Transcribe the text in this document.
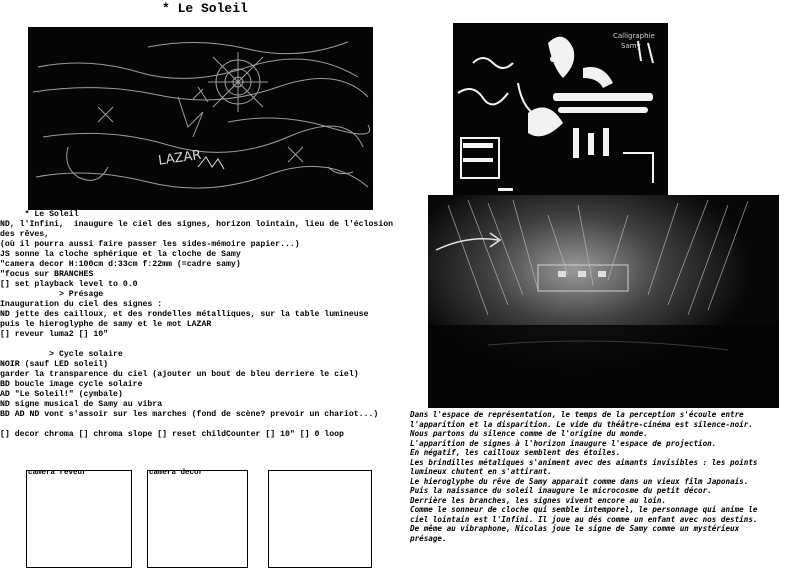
* Le Soleil
LAZAR
Calligraphie
Samy
* Le Soleil
ND, l'Infini,  inaugure le ciel des signes, horizon lointain, lieu de l'éclosion
des rêves,
(où il pourra aussi faire passer les sides-mémoire papier...)
JS sonne la cloche sphérique et la cloche de Samy
"camera decor H:100cm d:33cm f:22mm (=cadre samy)
"focus sur BRANCHES
[] set playback level to 0.0
> Présage
Inauguration du ciel des signes :
ND jette des cailloux, et des rondelles métalliques, sur la table lumineuse
puis le hieroglyphe de samy et le mot LAZAR
[] reveur luma2 [] 10"
> Cycle solaire
NOIR (sauf LED soleil)
garder la transparence du ciel (ajouter un bout de bleu derriere le ciel)
BD boucle image cycle solaire
AD "Le Soleil!" (cymbale)
ND signe musical de Samy au vibra
BD AD ND vont s'assoir sur les marches (fond de scène? prevoir un chariot...)
[] decor chroma [] chroma slope [] reset childCounter [] 10" [] 0 loop
Dans l'espace de représentation, le temps de la perception s'écoule entre
l'apparition et la disparition. Le vide du théâtre-cinéma est silence-noir.
Nous partons du silence comme de l'origine du monde.
L'apparition de signes à l'horizon inaugure l'espace de projection.
En négatif, les cailloux semblent des étoiles.
Les brindilles métaliques s'animent avec des aimants invisibles : les points
lumineux chutent en s'attirant.
Le hieroglyphe du rêve de Samy apparait comme dans un vieux film Japonais.
Puis la naissance du soleil inaugure le microcosme du petit décor.
Derrière les branches, les signes vivent encore au loin.
Comme le sonneur de cloche qui semble intemporel, le personnage qui anime le
ciel lointain est l'Infini. Il joue au dés comme un enfant avec nos destins.
De même au vibraphone, Nicolas joue le signe de Samy comme un mystérieux
présage.
camera reveur	camera decor
